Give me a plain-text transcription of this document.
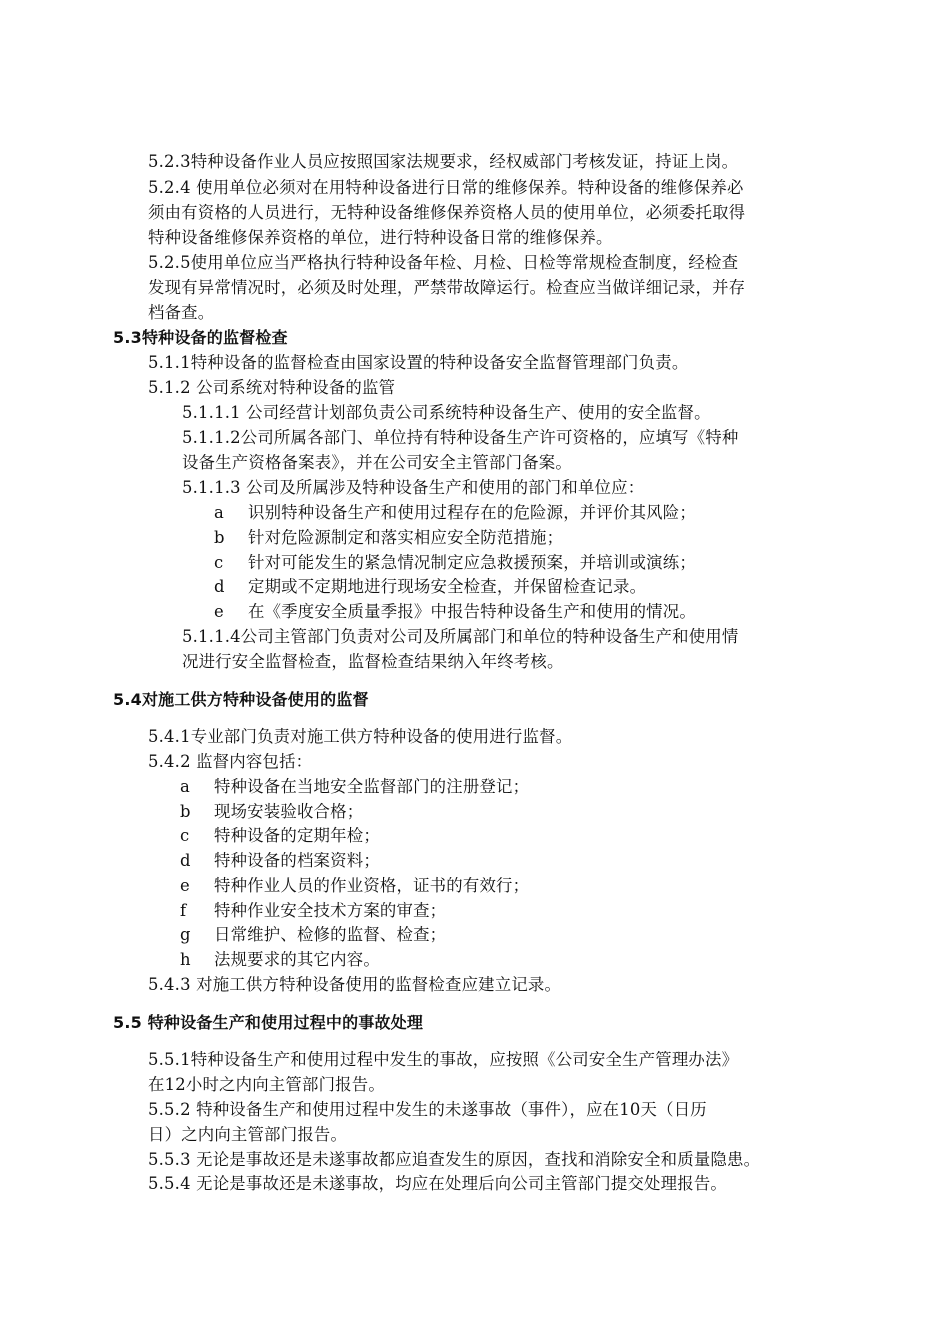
5.2.3特种设备作业人员应按照国家法规要求，经权威部门考核发证，持证上岗。
5.2.4 使用单位必须对在用特种设备进行日常的维修保养。特种设备的维修保养必
须由有资格的人员进行，无特种设备维修保养资格人员的使用单位，必须委托取得
特种设备维修保养资格的单位，进行特种设备日常的维修保养。
5.2.5使用单位应当严格执行特种设备年检、月检、日检等常规检查制度，经检查
发现有异常情况时，必须及时处理，严禁带故障运行。检查应当做详细记录，并存
档备查。
5.3特种设备的监督检查
5.1.1特种设备的监督检查由国家设置的特种设备安全监督管理部门负责。
5.1.2 公司系统对特种设备的监管
5.1.1.1 公司经营计划部负责公司系统特种设备生产、使用的安全监督。
5.1.1.2公司所属各部门、单位持有特种设备生产许可资格的，应填写《特种
设备生产资格备案表》，并在公司安全主管部门备案。
5.1.1.3 公司及所属涉及特种设备生产和使用的部门和单位应：
a 识别特种设备生产和使用过程存在的危险源，并评价其风险；
b 针对危险源制定和落实相应安全防范措施；
c 针对可能发生的紧急情况制定应急救援预案，并培训或演练；
d 定期或不定期地进行现场安全检查，并保留检查记录。
e 在《季度安全质量季报》中报告特种设备生产和使用的情况。
5.1.1.4公司主管部门负责对公司及所属部门和单位的特种设备生产和使用情
况进行安全监督检查，监督检查结果纳入年终考核。
5.4对施工供方特种设备使用的监督
5.4.1专业部门负责对施工供方特种设备的使用进行监督。
5.4.2 监督内容包括：
a 特种设备在当地安全监督部门的注册登记；
b 现场安装验收合格；
c 特种设备的定期年检；
d 特种设备的档案资料；
e 特种作业人员的作业资格，证书的有效行；
f 特种作业安全技术方案的审查；
g 日常维护、检修的监督、检查；
h 法规要求的其它内容。
5.4.3 对施工供方特种设备使用的监督检查应建立记录。
5.5 特种设备生产和使用过程中的事故处理
5.5.1特种设备生产和使用过程中发生的事故，应按照《公司安全生产管理办法》
在12小时之内向主管部门报告。
5.5.2 特种设备生产和使用过程中发生的未遂事故（事件），应在10天（日历
日）之内向主管部门报告。
5.5.3 无论是事故还是未遂事故都应追查发生的原因，查找和消除安全和质量隐患。
5.5.4 无论是事故还是未遂事故，均应在处理后向公司主管部门提交处理报告。
